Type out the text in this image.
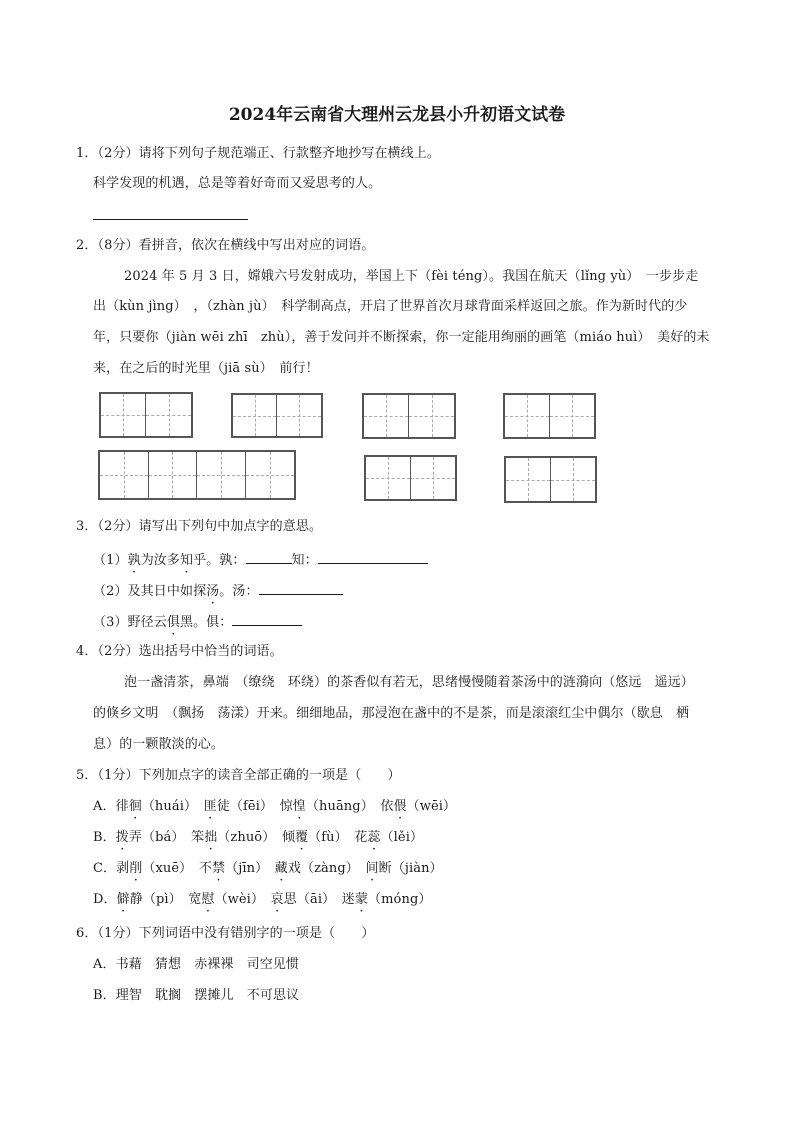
2024年云南省大理州云龙县小升初语文试卷
1．（2分）请将下列句子规范端正、行款整齐地抄写在横线上。
科学发现的机遇，总是等着好奇而又爱思考的人。
2．（8分）看拼音，依次在横线中写出对应的词语。
2024 年 5 月 3 日，嫦娥六号发射成功，举国上下（fèi téng）。我国在航天（lǐng yù）　一步步走
出（kùn jìng）　，（zhàn jù）　科学制高点，开启了世界首次月球背面采样返回之旅。作为新时代的少
年，只要你（jiàn wēi zhī　zhù），善于发问并不断探索，你一定能用绚丽的画笔（miáo huì）　美好的未
来，在之后的时光里（jiā sù）　前行！
3．（2分）请写出下列句中加点字的意思。
（1）孰为汝多知乎。孰：	知：
（2）及其日中如探汤。汤：
（3）野径云俱黑。俱：
4．（2分）选出括号中恰当的词语。
泡一盏清茶，鼻端　（缭绕　环绕）的茶香似有若无，思绪慢慢随着茶汤中的涟漪向（悠远　遥远）
的倏乡文明　（飘扬　荡漾）开来。细细地品，那浸泡在盏中的不是茶，而是滚滚红尘中偶尔（歇息　栖
息）的一颗散淡的心。
5．（1分）下列加点字的读音全部正确的一项是（　　）
A．徘徊（huái）　 匪徒（fēi）　 惊惶（huāng）　 依偎（wēi）
B．拨弄（bá）　 笨拙（zhuō）　 倾覆（fù）　 花蕊（lěi）
C．剥削（xuē）　 不禁（jīn）　 藏戏（zàng）　 间断（jiàn）
D．僻静（pì）　 宽慰（wèi）　 哀思（āi）　 迷蒙（móng）
6．（1分）下列词语中没有错别字的一项是（　　）
A．书藉　猜想　赤裸裸　司空见惯
B．理智　耽搁　摆摊儿　不可思议
